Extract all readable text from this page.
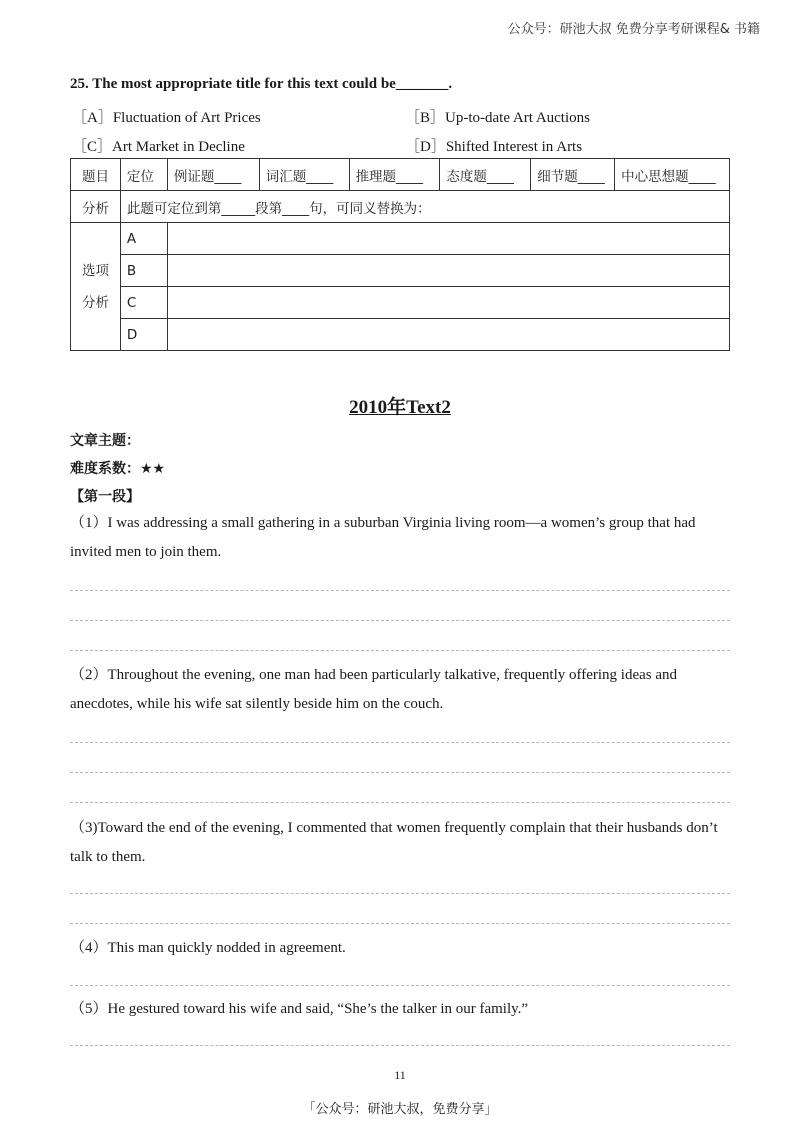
公众号：研池大叔 免费分享考研课程& 书籍
25. The most appropriate title for this text could be_______.
［A］Fluctuation of Art Prices	［B］Up-to-date Art Auctions
［C］Art Market in Decline	［D］Shifted Interest in Arts
题目	定位	例证题____	词汇题____	推理题____	态度题____	细节题____	中心思想题____
分析	此题可定位到第_____段第____句，可同义替换为：						

选项
分析	A						
	B						
	C						
	D						
2010年Text2
文章主题：
难度系数：★★
【第一段】
（1）I was addressing a small gathering in a suburban Virginia living room—a women’s group that had invited men to join them.
（2）Throughout the evening, one man had been particularly talkative, frequently offering ideas and anecdotes, while his wife sat silently beside him on the couch.
（3)Toward the end of the evening, I commented that women frequently complain that their husbands don’t talk to them.
（4）This man quickly nodded in agreement.
（5）He gestured toward his wife and said, “She’s the talker in our family.”
11
「公众号：研池大叔，免费分享」
